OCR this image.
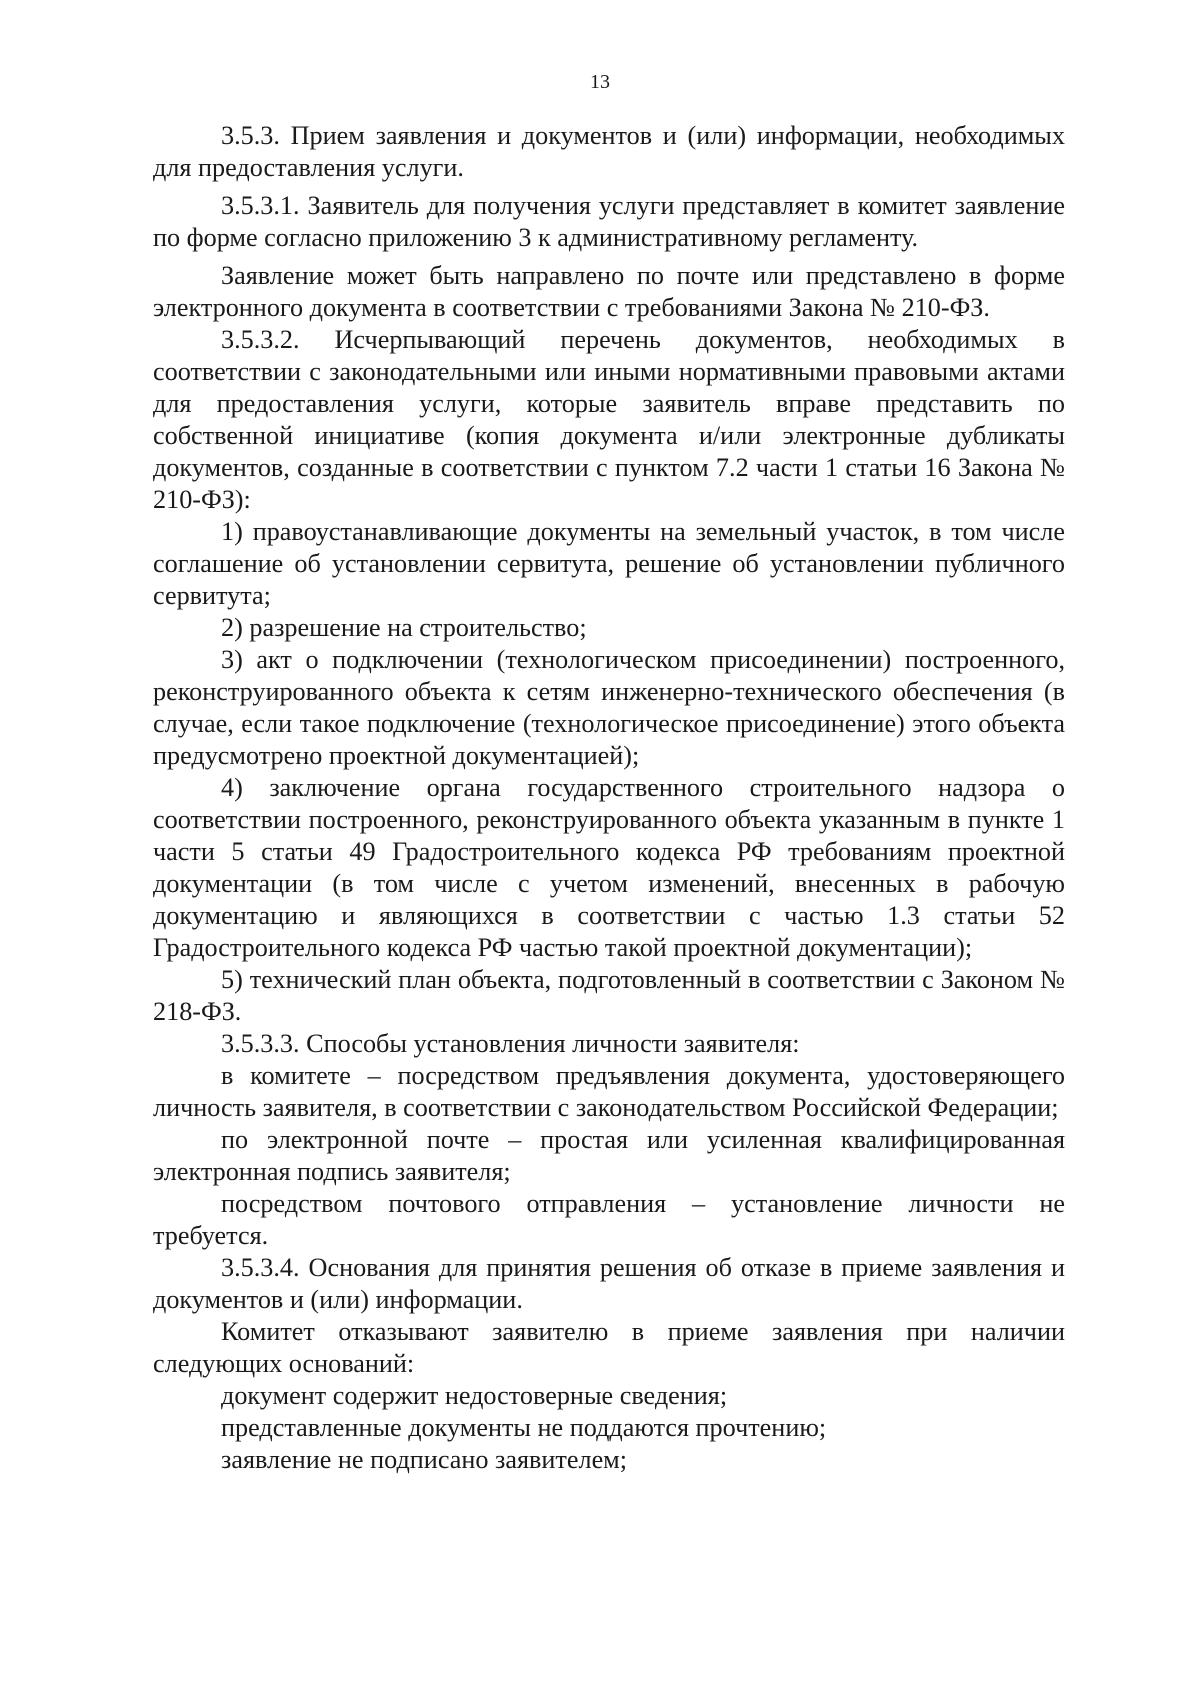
13

3.5.3. Прием заявления и документов и (или) информации, необходимых для предоставления услуги.

3.5.3.1. Заявитель для получения услуги представляет в комитет заявление по форме согласно приложению 3 к административному регламенту.

Заявление может быть направлено по почте или представлено в форме электронного документа в соответствии с требованиями Закона № 210-ФЗ.

3.5.3.2. Исчерпывающий перечень документов, необходимых в соответствии с законодательными или иными нормативными правовыми актами для предоставления услуги, которые заявитель вправе представить по собственной инициативе (копия документа и/или электронные дубликаты документов, созданные в соответствии с пунктом 7.2 части 1 статьи 16 Закона № 210-ФЗ):

1) правоустанавливающие документы на земельный участок, в том числе соглашение об установлении сервитута, решение об установлении публичного сервитута;

2) разрешение на строительство;

3) акт о подключении (технологическом присоединении) построенного, реконструированного объекта к сетям инженерно-технического обеспечения (в случае, если такое подключение (технологическое присоединение) этого объекта предусмотрено проектной документацией);

4) заключение органа государственного строительного надзора о соответствии построенного, реконструированного объекта указанным в пункте 1 части 5 статьи 49 Градостроительного кодекса РФ требованиям проектной документации (в том числе с учетом изменений, внесенных в рабочую документацию и являющихся в соответствии с частью 1.3 статьи 52 Градостроительного кодекса РФ частью такой проектной документации);

5) технический план объекта, подготовленный в соответствии с Законом № 218-ФЗ.

3.5.3.3. Способы установления личности заявителя:

в комитете – посредством предъявления документа, удостоверяющего личность заявителя, в соответствии с законодательством Российской Федерации;

по электронной почте – простая или усиленная квалифицированная электронная подпись заявителя;

посредством почтового отправления – установление личности не требуется.

3.5.3.4. Основания для принятия решения об отказе в приеме заявления и документов и (или) информации.

Комитет отказывают заявителю в приеме заявления при наличии следующих оснований:

документ содержит недостоверные сведения;

представленные документы не поддаются прочтению;

заявление не подписано заявителем;
